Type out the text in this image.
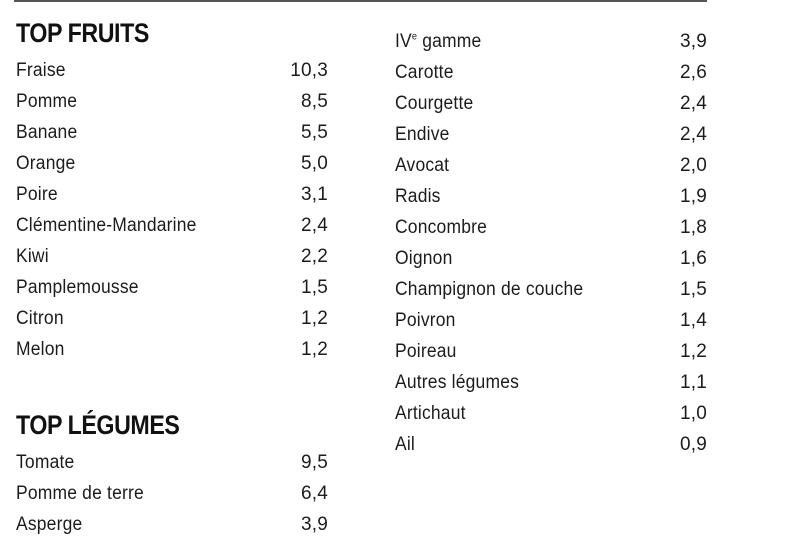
TOP FRUITS
Fraise	10,3
Pomme	8,5
Banane	5,5
Orange	5,0
Poire	3,1
Clémentine-Mandarine	2,4
Kiwi	2,2
Pamplemousse	1,5
Citron	1,2
Melon	1,2
TOP LÉGUMES
Tomate	9,5
Pomme de terre	6,4
Asperge	3,9
IVe gamme	3,9
Carotte	2,6
Courgette	2,4
Endive	2,4
Avocat	2,0
Radis	1,9
Concombre	1,8
Oignon	1,6
Champignon de couche	1,5
Poivron	1,4
Poireau	1,2
Autres légumes	1,1
Artichaut	1,0
Ail	0,9
